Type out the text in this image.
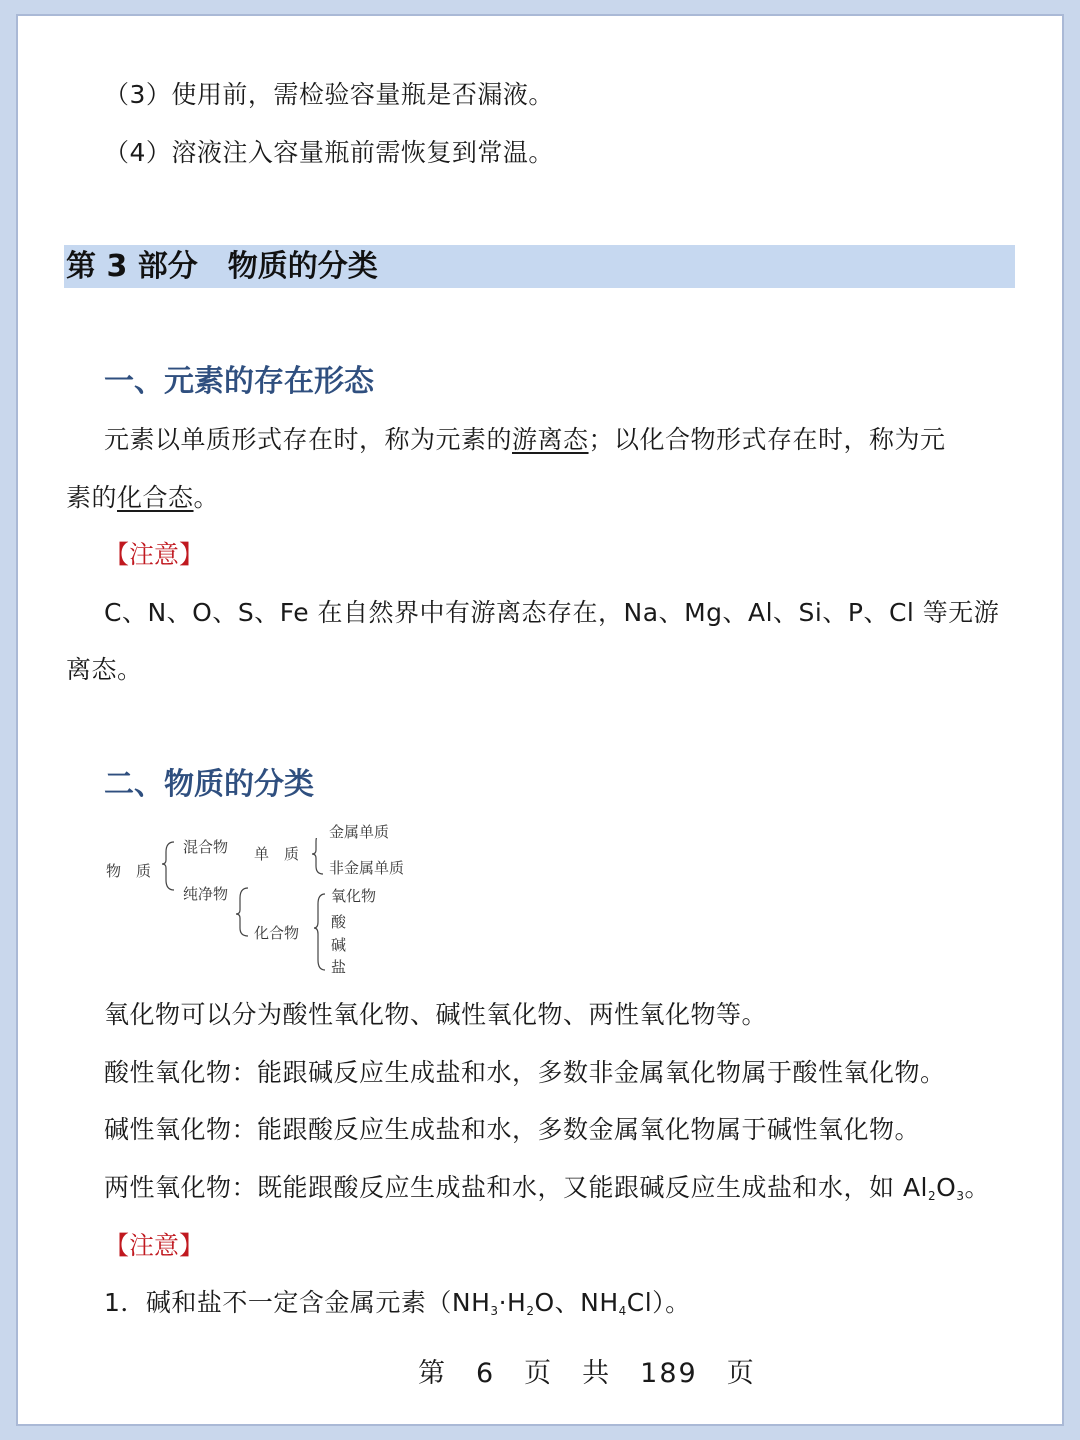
（3）使用前，需检验容量瓶是否漏液。
（4）溶液注入容量瓶前需恢复到常温。
第 3 部分　物质的分类
一、元素的存在形态
元素以单质形式存在时，称为元素的游离态；以化合物形式存在时，称为元
素的化合态。
【注意】
C、N、O、S、Fe 在自然界中有游离态存在，Na、Mg、Al、Si、P、Cl 等无游
离态。
二、物质的分类
物　质
混合物
纯净物
单　质
化合物
金属单质
非金属单质
氧化物
酸
碱
盐
氧化物可以分为酸性氧化物、碱性氧化物、两性氧化物等。
酸性氧化物：能跟碱反应生成盐和水，多数非金属氧化物属于酸性氧化物。
碱性氧化物：能跟酸反应生成盐和水，多数金属氧化物属于碱性氧化物。
两性氧化物：既能跟酸反应生成盐和水，又能跟碱反应生成盐和水，如 $Al_2O_3$。
【注意】
1．碱和盐不一定含金属元素（$NH_3\cdot H_2O$、$NH_4Cl$）。
第　6　页　共　189　页
